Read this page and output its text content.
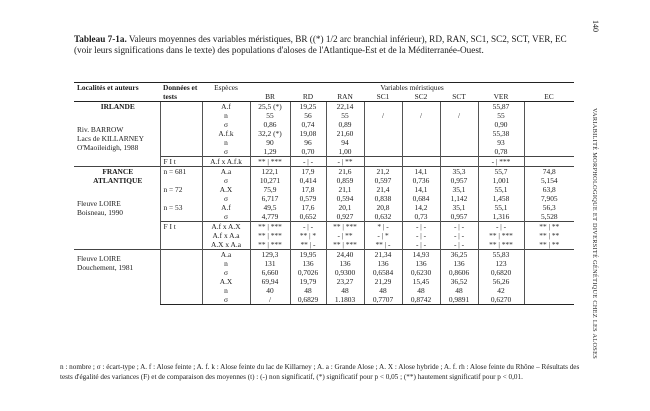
Tableau 7-1a. Valeurs moyennes des variables méristiques, BR ((*) 1/2 arc branchial inférieur), RD, RAN, SC1, SC2, SCT, VER, EC (voir leurs significations dans le texte) des populations d'aloses de l'Atlantique-Est et de la Méditerranée-Ouest.
140
VARIABILITÉ MORPHOLOGIQUE ET DIVERSITÉ GÉNÉTIQUE CHEZ LES ALOSES
Localités et auteurs	Données et tests	Espèces	Variables méristiques							
			BR	RD	RAN	SC1	SC2	SCT	VER	EC

IRLANDE
Riv. BARROW
Lacs de KILLARNEY
O'Maoileidigh, 1988		A.f	25,5 (*)	19,25	22,14				55,87	
		n	55	56	55	/	/	/	55	
		σ	0,86	0,74	0,89				0,90	
		A.f.k	32,2 (*)	19,08	21,60				55,38	
		n	90	96	94				93	
		σ	1,29	0,70	1,00				0,78	
	F I t	A.f x A.f.k	** | ***	- | -	- | **				- | ***	

FRANCE
ATLANTIQUE
Fleuve LOIRE
Boisneau, 1990	n = 681	A.a	122,1	17,9	21,6	21,2	14,1	35,3	55,7	74,8
		σ	10,271	0,414	0,859	0,597	0,736	0,957	1,001	5,154
	n = 72	A.X	75,9	17,8	21,1	21,4	14,1	35,1	55,1	63,8
		σ	6,717	0,579	0,594	0,838	0,684	1,142	1,458	7,905
	n = 53	A.f	49,5	17,6	20,1	20,8	14,2	35,1	55,1	56,3
		σ	4,779	0,652	0,927	0,632	0,73	0,957	1,316	5,528
	F I t	A.f x A.X	** | ***	- | -	** | ***	* | -	- | -	- | -	- | -	** | **
		A.f x A.a	** | ***	** | *	- | **	- | *	- | -	- | -	** | ***	** | **
		A.X x A.a	** | ***	** | -	** | ***	** | -	- | -	- | -	** | ***	** | **

Fleuve LOIRE
Douchement, 1981		A.a	129,3	19,95	24,40	21,34	14,93	36,25	55,83	
		n	131	136	136	136	136	136	123	
		σ	6,660	0,7026	0,9300	0,6584	0,6230	0,8606	0,6820	
		A.X	69,94	19,79	23,27	21,29	15,45	36,52	56,26	
		n	40	48	48	48	48	48	42	
		σ	/	0,6829	1.1803	0,7707	0,8742	0,9891	0,6270	
n : nombre ; σ : écart-type ; A. f : Alose feinte ; A. f. k : Alose feinte du lac de Killarney ; A. a : Grande Alose ; A. X : Alose hybride ; A. f. rh : Alose feinte du Rhône – Résultats des tests d'égalité des variances (F) et de comparaison des moyennes (t) : (-) non significatif, (*) significatif pour p < 0,05 ; (**) hautement significatif pour p < 0,01.
